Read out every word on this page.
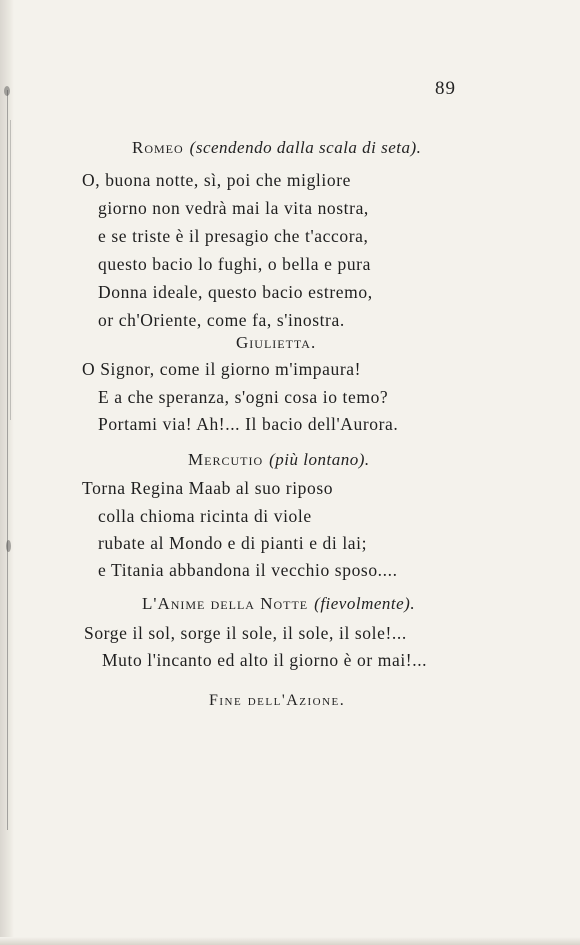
89
Romeo (scendendo dalla scala di seta).
O, buona notte, sì, poi che migliore
giorno non vedrà mai la vita nostra,
e se triste è il presagio che t'accora,
questo bacio lo fughi, o bella e pura
Donna ideale, questo bacio estremo,
or ch'Oriente, come fa, s'inostra.
Giulietta.
O Signor, come il giorno m'impaura!
E a che speranza, s'ogni cosa io temo?
Portami via! Ah!... Il bacio dell'Aurora.
Mercutio (più lontano).
Torna Regina Maab al suo riposo
colla chioma ricinta di viole
rubate al Mondo e di pianti e di lai;
e Titania abbandona il vecchio sposo....
L'Anime della Notte (fievolmente).
Sorge il sol, sorge il sole, il sole, il sole!...
Muto l'incanto ed alto il giorno è or mai!...
Fine dell'Azione.
